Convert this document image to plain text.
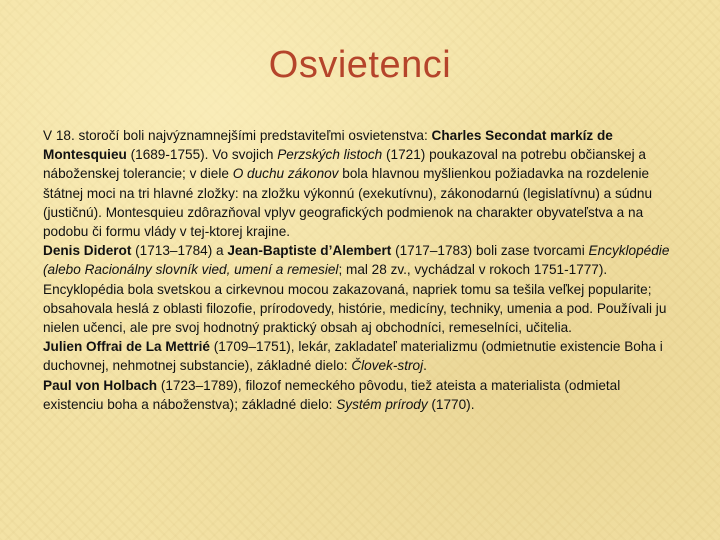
Osvietenci

V 18. storočí boli najvýznamnejšími predstaviteľmi osvietenstva: Charles Secondat markíz de Montesquieu (1689-1755). Vo svojich Perzských listoch (1721) poukazoval na potrebu občianskej a náboženskej tolerancie; v diele O duchu zákonov bola hlavnou myšlienkou požiadavka na rozdelenie štátnej moci na tri hlavné zložky: na zložku výkonnú (exekutívnu), zákonodarnú (legislatívnu) a súdnu (justičnú). Montesquieu zdôrazňoval vplyv geografických podmienok na charakter obyvateľstva a na podobu či formu vlády v tej-ktorej krajine.

Denis Diderot (1713–1784) a Jean-Baptiste d’Alembert (1717–1783) boli zase tvorcami Encyklopédie (alebo Racionálny slovník vied, umení a remesiel; mal 28 zv., vychádzal v rokoch 1751-1777). Encyklopédia bola svetskou a cirkevnou mocou zakazovaná, napriek tomu sa tešila veľkej popularite; obsahovala heslá z oblasti filozofie, prírodovedy, histórie, medicíny, techniky, umenia a pod. Používali ju nielen učenci, ale pre svoj hodnotný praktický obsah aj obchodníci, remeselníci, učitelia.

Julien Offrai de La Mettrié (1709–1751), lekár, zakladateľ materializmu (odmietnutie existencie Boha i duchovnej, nehmotnej substancie), základné dielo: Človek-stroj.

Paul von Holbach (1723–1789), filozof nemeckého pôvodu, tiež ateista a materialista (odmietal existenciu boha a náboženstva); základné dielo: Systém prírody (1770).
